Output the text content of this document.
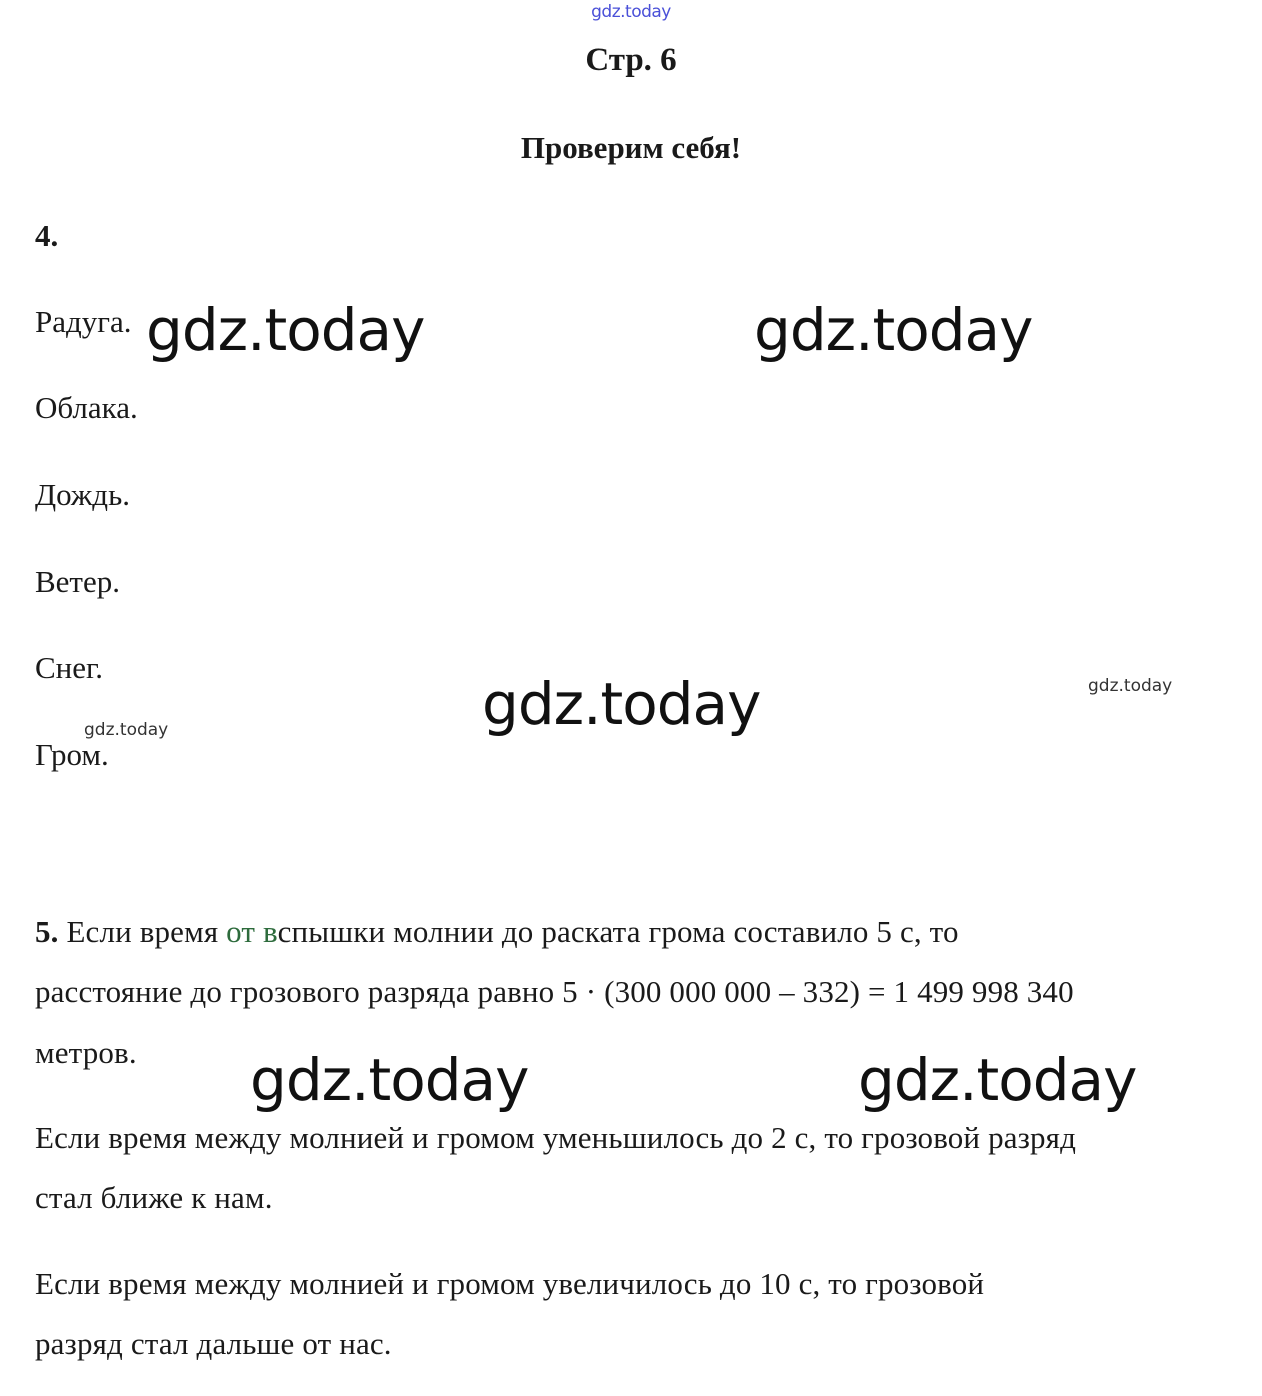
gdz.today
Стр. 6
Проверим себя!
4.
Радуга.
Облака.
Дождь.
Ветер.
Снег.
Гром.
5. Если время от вспышки молнии до раската грома составило 5 с, то
расстояние до грозового разряда равно 5 · (300 000 000 – 332) = 1 499 998 340
метров.
Если время между молнией и громом уменьшилось до 2 с, то грозовой разряд
стал ближе к нам.
Если время между молнией и громом увеличилось до 10 с, то грозовой
разряд стал дальше от нас.
gdz.today	gdz.today
gdz.today
gdz.today	gdz.today
gdz.today
gdz.today
